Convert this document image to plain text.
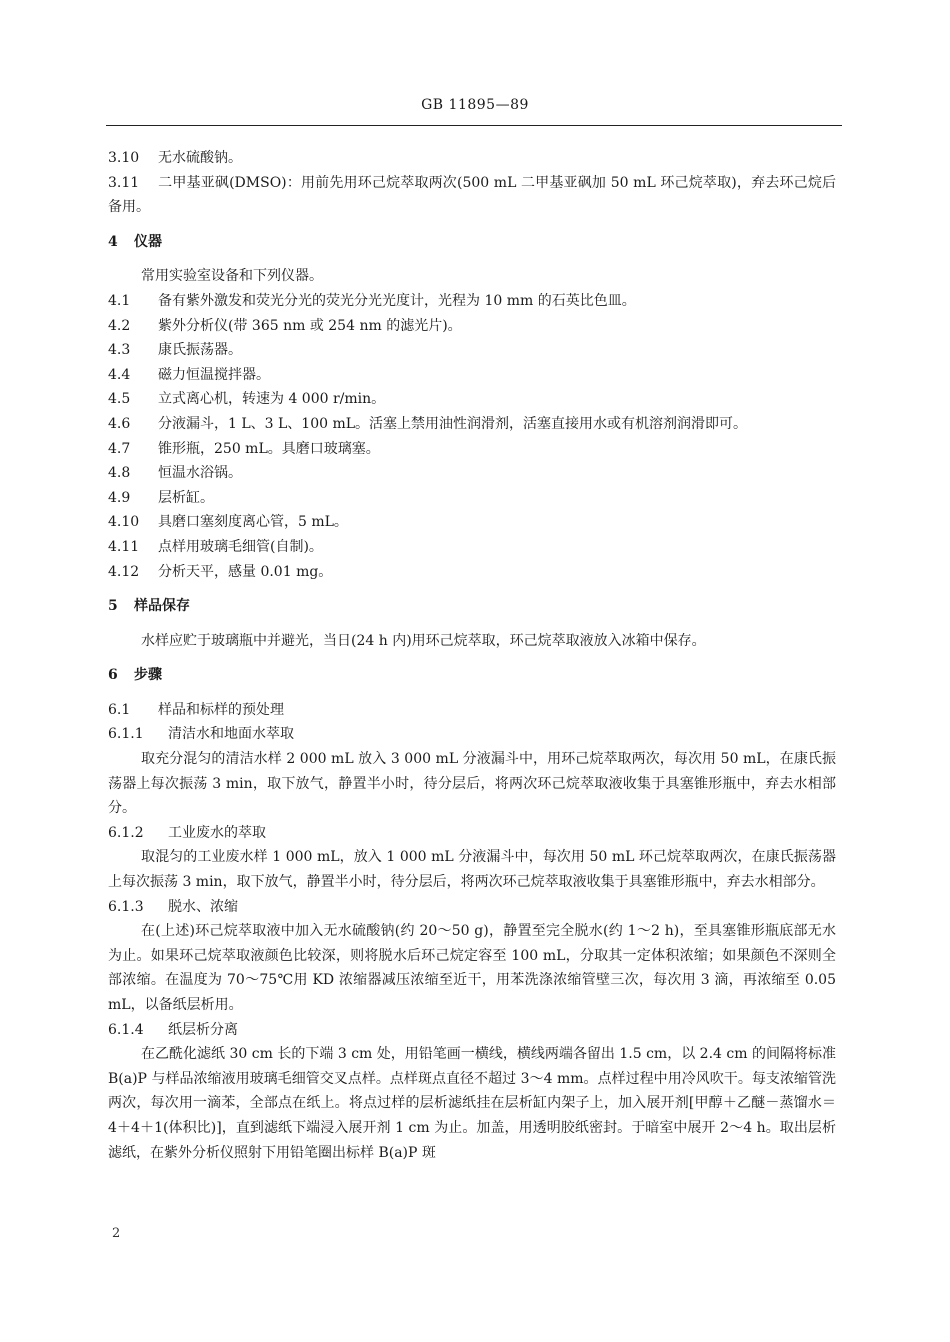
GB 11895—89

3.10 无水硫酸钠。

3.11 二甲基亚砜(DMSO)：用前先用环己烷萃取两次(500 mL 二甲基亚砜加 50 mL 环己烷萃取)，弃去环己烷后备用。

4 仪器

常用实验室设备和下列仪器。

4.1 备有紫外激发和荧光分光的荧光分光光度计，光程为 10 mm 的石英比色皿。

4.2 紫外分析仪(带 365 nm 或 254 nm 的滤光片)。

4.3 康氏振荡器。

4.4 磁力恒温搅拌器。

4.5 立式离心机，转速为 4 000 r/min。

4.6 分液漏斗，1 L、3 L、100 mL。活塞上禁用油性润滑剂，活塞直接用水或有机溶剂润滑即可。

4.7 锥形瓶，250 mL。具磨口玻璃塞。

4.8 恒温水浴锅。

4.9 层析缸。

4.10 具磨口塞刻度离心管，5 mL。

4.11 点样用玻璃毛细管(自制)。

4.12 分析天平，感量 0.01 mg。

5 样品保存

水样应贮于玻璃瓶中并避光，当日(24 h 内)用环己烷萃取，环己烷萃取液放入冰箱中保存。

6 步骤

6.1 样品和标样的预处理

6.1.1 清洁水和地面水萃取

取充分混匀的清洁水样 2 000 mL 放入 3 000 mL 分液漏斗中，用环己烷萃取两次，每次用 50 mL，在康氏振荡器上每次振荡 3 min，取下放气，静置半小时，待分层后，将两次环己烷萃取液收集于具塞锥形瓶中，弃去水相部分。

6.1.2 工业废水的萃取

取混匀的工业废水样 1 000 mL，放入 1 000 mL 分液漏斗中，每次用 50 mL 环己烷萃取两次，在康氏振荡器上每次振荡 3 min，取下放气，静置半小时，待分层后，将两次环己烷萃取液收集于具塞锥形瓶中，弃去水相部分。

6.1.3 脱水、浓缩

在(上述)环己烷萃取液中加入无水硫酸钠(约 20～50 g)，静置至完全脱水(约 1～2 h)，至具塞锥形瓶底部无水为止。如果环己烷萃取液颜色比较深，则将脱水后环己烷定容至 100 mL，分取其一定体积浓缩；如果颜色不深则全部浓缩。在温度为 70～75℃用 KD 浓缩器减压浓缩至近干，用苯洗涤浓缩管壁三次，每次用 3 滴，再浓缩至 0.05 mL，以备纸层析用。

6.1.4 纸层析分离

在乙酰化滤纸 30 cm 长的下端 3 cm 处，用铅笔画一横线，横线两端各留出 1.5 cm，以 2.4 cm 的间隔将标准 B(a)P 与样品浓缩液用玻璃毛细管交叉点样。点样斑点直径不超过 3～4 mm。点样过程中用冷风吹干。每支浓缩管洗两次，每次用一滴苯，全部点在纸上。将点过样的层析滤纸挂在层析缸内架子上，加入展开剂[甲醇＋乙醚－蒸馏水＝4＋4＋1(体积比)]，直到滤纸下端浸入展开剂 1 cm 为止。加盖，用透明胶纸密封。于暗室中展开 2～4 h。取出层析滤纸，在紫外分析仪照射下用铅笔圈出标样 B(a)P 斑

2
